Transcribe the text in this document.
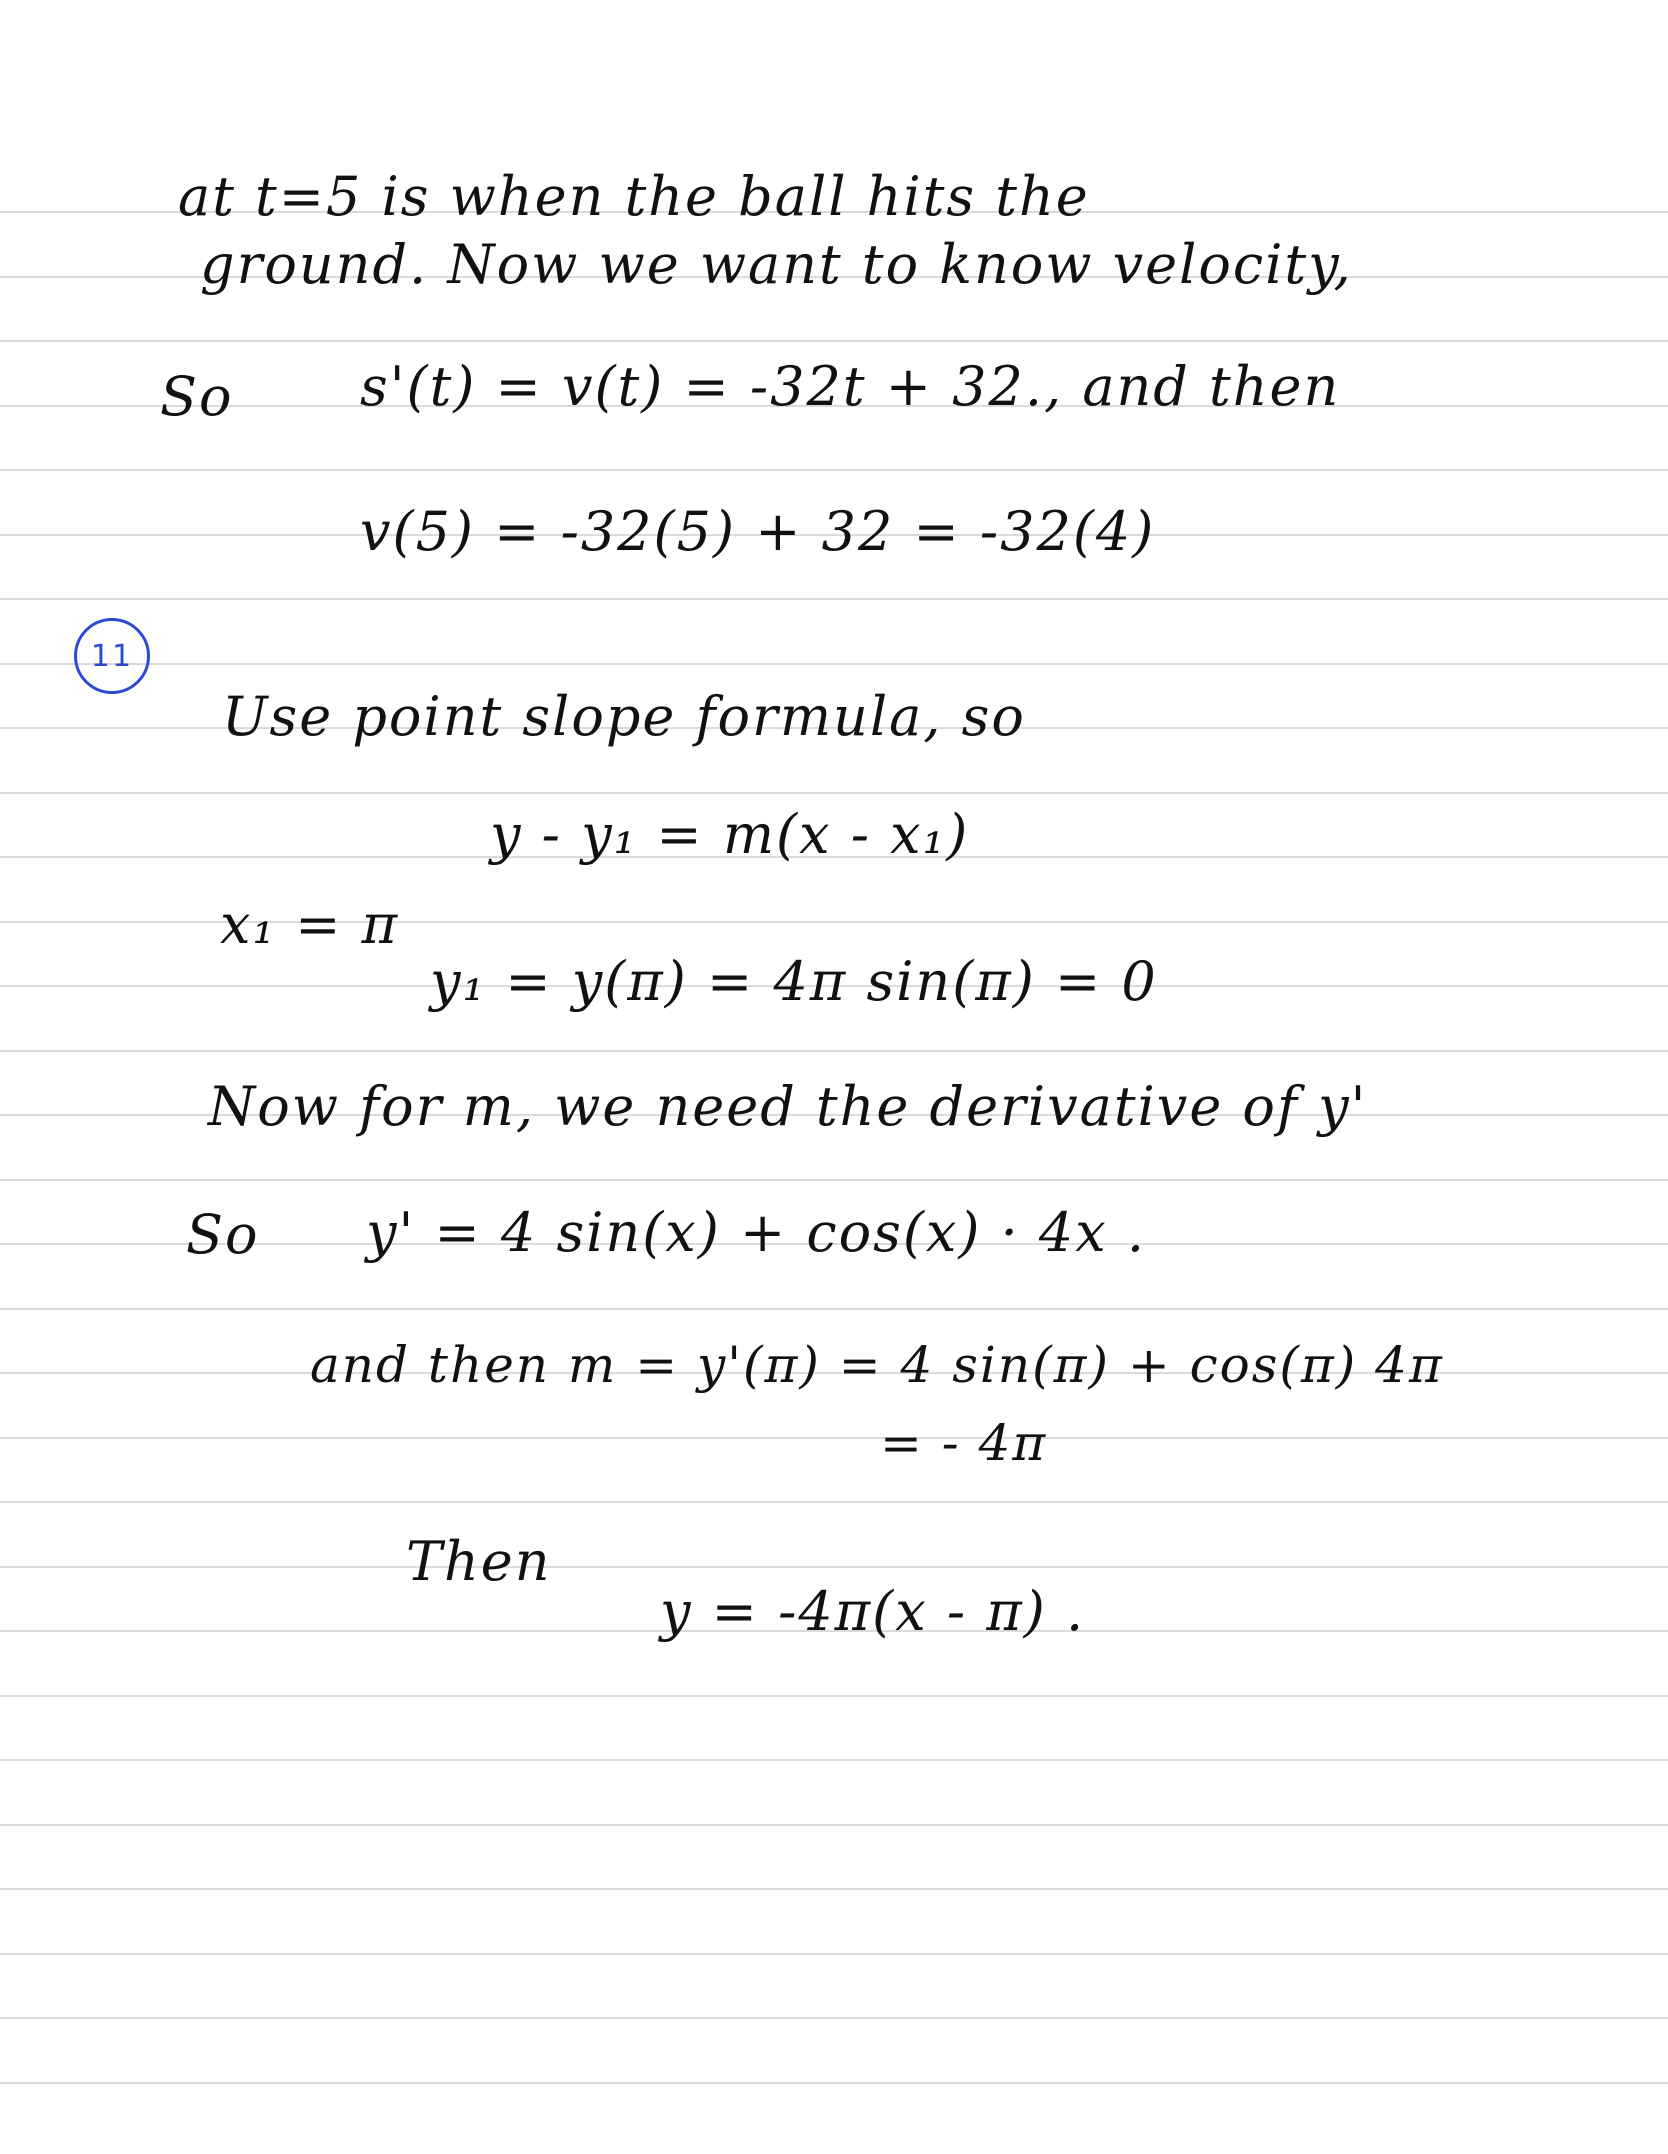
at t=5 is when the ball hits the
ground. Now we want to know velocity,
So s'(t) = v(t) = -32t + 32., and then
v(5) = -32(5) + 32 = -32(4)
11
Use point slope formula, so
y - y₁ = m(x - x₁)
x₁ = π
y₁ = y(π) = 4π sin(π) = 0
Now for m, we need the derivative of y'
So y' = 4 sin(x) + cos(x) · 4x .
and then m = y'(π) = 4 sin(π) + cos(π) 4π
= - 4π
Then
y = -4π(x - π) .
